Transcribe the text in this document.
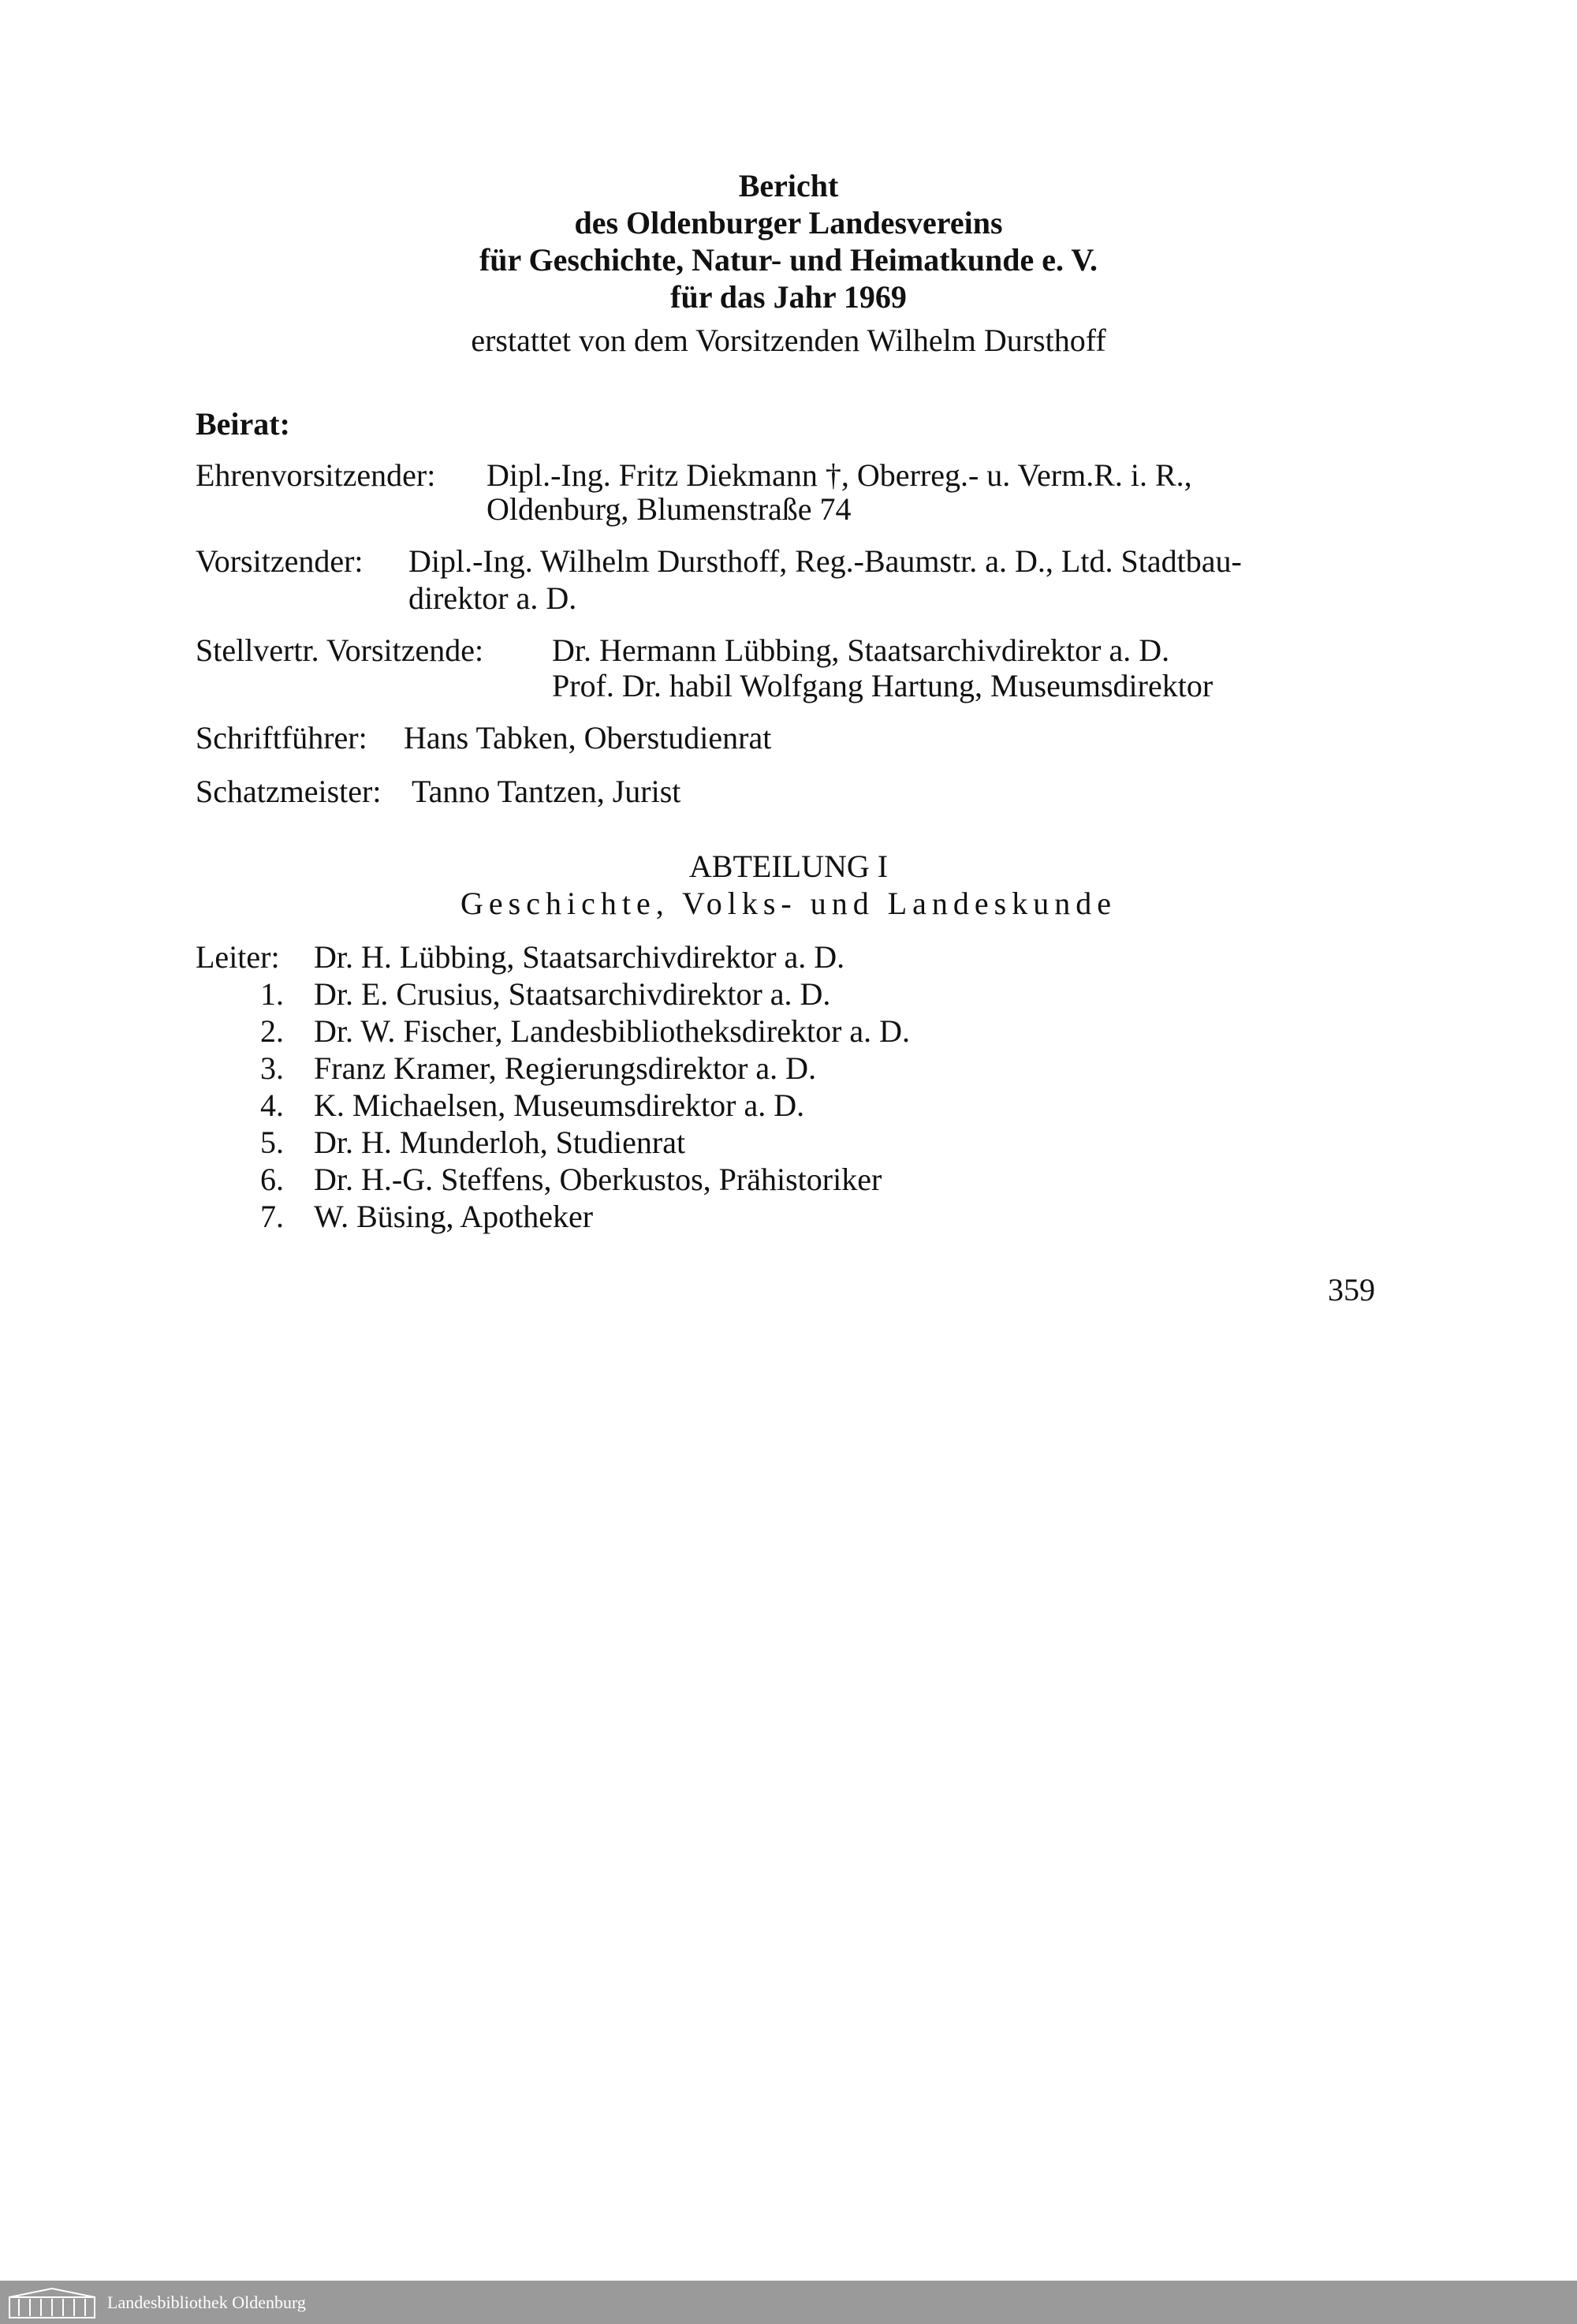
Bericht
des Oldenburger Landesvereins
für Geschichte, Natur- und Heimatkunde e. V.
für das Jahr 1969
erstattet von dem Vorsitzenden Wilhelm Dursthoff
Beirat:
Ehrenvorsitzender: Dipl.-Ing. Fritz Diekmann †, Oberreg.- u. Verm.R. i. R.,
Oldenburg, Blumenstraße 74
Vorsitzender: Dipl.-Ing. Wilhelm Dursthoff, Reg.-Baumstr. a. D., Ltd. Stadtbau-
direktor a. D.
Stellvertr. Vorsitzende: Dr. Hermann Lübbing, Staatsarchivdirektor a. D.
Prof. Dr. habil Wolfgang Hartung, Museumsdirektor
Schriftführer: Hans Tabken, Oberstudienrat
Schatzmeister: Tanno Tantzen, Jurist
ABTEILUNG I
Geschichte, Volks- und Landeskunde
Leiter: Dr. H. Lübbing, Staatsarchivdirektor a. D.
1. Dr. E. Crusius, Staatsarchivdirektor a. D.
2. Dr. W. Fischer, Landesbibliotheksdirektor a. D.
3. Franz Kramer, Regierungsdirektor a. D.
4. K. Michaelsen, Museumsdirektor a. D.
5. Dr. H. Munderloh, Studienrat
6. Dr. H.-G. Steffens, Oberkustos, Prähistoriker
7. W. Büsing, Apotheker
359
Landesbibliothek Oldenburg
